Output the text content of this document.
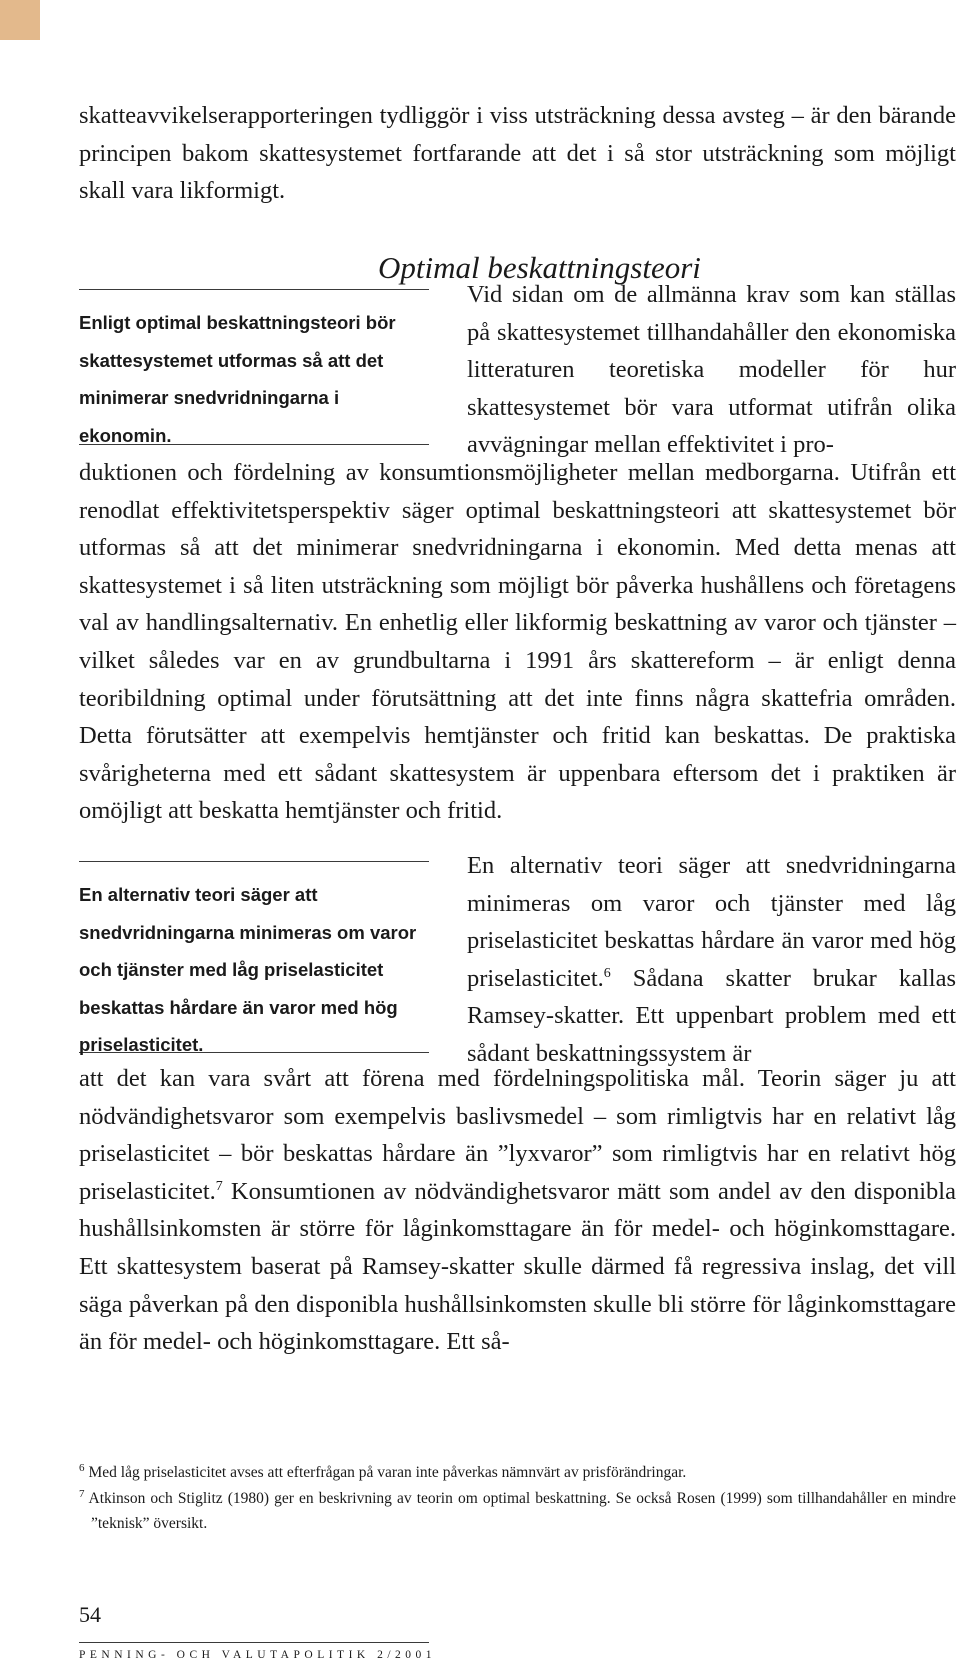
skatteavvikelserapporteringen tydliggör i viss utsträckning dessa avsteg – är den bärande principen bakom skattesystemet fortfarande att det i så stor utsträckning som möjligt skall vara likformigt.

Optimal beskattningsteori

Enligt optimal beskattningsteori bör skattesystemet utformas så att det minimerar snedvridningarna i ekonomin.

Vid sidan om de allmänna krav som kan ställas på skattesystemet tillhandahåller den ekonomiska litteraturen teoretiska modeller för hur skattesystemet bör vara utformat utifrån olika avvägningar mellan effektivitet i pro-

duktionen och fördelning av konsumtionsmöjligheter mellan medborgarna. Utifrån ett renodlat effektivitetsperspektiv säger optimal beskattningsteori att skattesystemet bör utformas så att det minimerar snedvridningarna i ekonomin. Med detta menas att skattesystemet i så liten utsträckning som möjligt bör påverka hushållens och företagens val av handlingsalternativ. En enhetlig eller likformig beskattning av varor och tjänster – vilket således var en av grundbultarna i 1991 års skattereform – är enligt denna teoribildning optimal under förutsättning att det inte finns några skattefria områden. Detta förutsätter att exempelvis hemtjänster och fritid kan beskattas. De praktiska svårigheterna med ett sådant skattesystem är uppenbara eftersom det i praktiken är omöjligt att beskatta hemtjänster och fritid.

En alternativ teori säger att snedvridningarna minimeras om varor och tjänster med låg priselasticitet beskattas hårdare än varor med hög priselasticitet.

En alternativ teori säger att snedvridningarna minimeras om varor och tjänster med låg priselasticitet beskattas hårdare än varor med hög priselasticitet.$^6$ Sådana skatter brukar kallas Ramsey-skatter. Ett uppenbart problem med ett sådant beskattningssystem är

att det kan vara svårt att förena med fördelningspolitiska mål. Teorin säger ju att nödvändighetsvaror som exempelvis baslivsmedel – som rimligtvis har en relativt låg priselasticitet – bör beskattas hårdare än ”lyxvaror” som rimligtvis har en relativt hög priselasticitet.$^7$ Konsumtionen av nödvändighetsvaror mätt som andel av den disponibla hushållsinkomsten är större för låginkomsttagare än för medel- och höginkomsttagare. Ett skattesystem baserat på Ramsey-skatter skulle därmed få regressiva inslag, det vill säga påverkan på den disponibla hushållsinkomsten skulle bli större för låginkomsttagare än för medel- och höginkomsttagare. Ett så-

$^6$ Med låg priselasticitet avses att efterfrågan på varan inte påverkas nämnvärt av prisförändringar.

$^7$ Atkinson och Stiglitz (1980) ger en beskrivning av teorin om optimal beskattning. Se också Rosen (1999) som tillhandahåller en mindre ”teknisk” översikt.

54
PENNING- OCH VALUTAPOLITIK 2/2001
